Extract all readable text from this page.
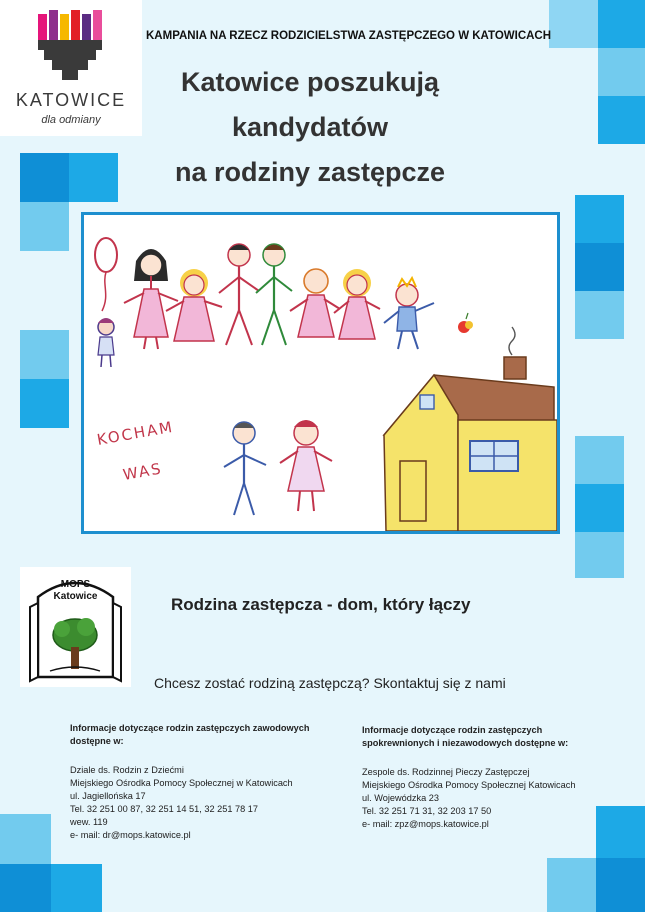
KATOWICE
dla odmiany
KAMPANIA NA RZECZ RODZICIELSTWA ZASTĘPCZEGO W KATOWICACH
Katowice poszukują
kandydatów
na rodziny zastępcze
KOCHAM
WAS
MOPS
Katowice	Rodzina zastępcza - dom, który łączy
Chcesz zostać rodziną zastępczą? Skontaktuj się z nami
Informacje dotyczące rodzin zastępczych zawodowych
dostępne w:
Dziale ds. Rodzin z Dziećmi
Miejskiego Ośrodka Pomocy Społecznej w Katowicach
ul. Jagiellońska 17
Tel. 32 251 00 87, 32 251 14 51, 32 251 78 17
wew. 119
e- mail: dr@mops.katowice.pl
Informacje dotyczące rodzin zastępczych
spokrewnionych i niezawodowych dostępne w:
Zespole ds. Rodzinnej Pieczy Zastępczej
Miejskiego Ośrodka Pomocy Społecznej Katowicach
ul. Wojewódzka 23
Tel. 32 251 71 31, 32 203 17 50
e- mail: zpz@mops.katowice.pl
